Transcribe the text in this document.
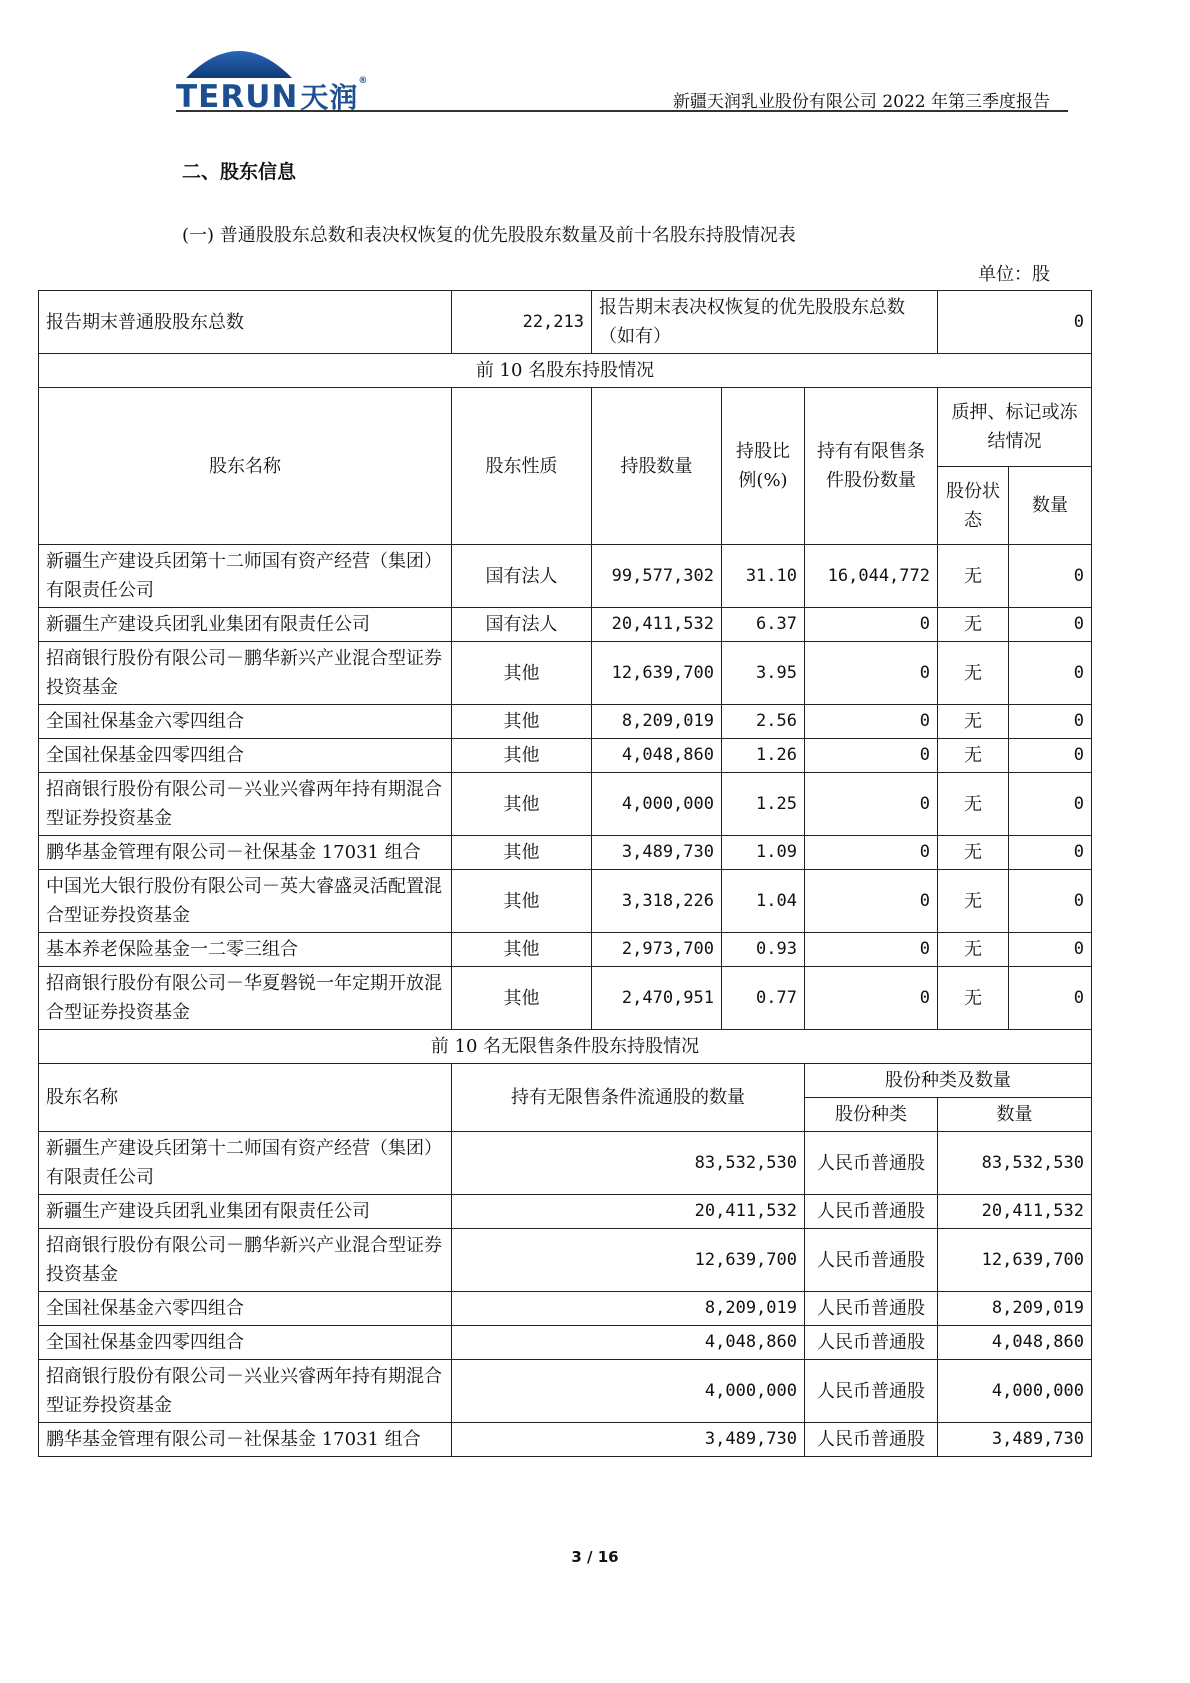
TERUN天润®
新疆天润乳业股份有限公司 2022 年第三季度报告
二、股东信息
(一) 普通股股东总数和表决权恢复的优先股股东数量及前十名股东持股情况表
单位：股
报告期末普通股股东总数	22,213	报告期末表决权恢复的优先股股东总数（如有）			0	
前 10 名股东持股情况						
股东名称	股东性质	持股数量	持股比例(%)	持有有限售条件股份数量	质押、标记或冻结情况	
					股份状态	数量
新疆生产建设兵团第十二师国有资产经营（集团）有限责任公司	国有法人	99,577,302	31.10	16,044,772	无	0
新疆生产建设兵团乳业集团有限责任公司	国有法人	20,411,532	6.37	0	无	0
招商银行股份有限公司－鹏华新兴产业混合型证券投资基金	其他	12,639,700	3.95	0	无	0
全国社保基金六零四组合	其他	8,209,019	2.56	0	无	0
全国社保基金四零四组合	其他	4,048,860	1.26	0	无	0
招商银行股份有限公司－兴业兴睿两年持有期混合型证券投资基金	其他	4,000,000	1.25	0	无	0
鹏华基金管理有限公司－社保基金 17031 组合	其他	3,489,730	1.09	0	无	0
中国光大银行股份有限公司－英大睿盛灵活配置混合型证券投资基金	其他	3,318,226	1.04	0	无	0
基本养老保险基金一二零三组合	其他	2,973,700	0.93	0	无	0
招商银行股份有限公司－华夏磐锐一年定期开放混合型证券投资基金	其他	2,470,951	0.77	0	无	0
前 10 名无限售条件股东持股情况						
股东名称	持有无限售条件流通股的数量			股份种类及数量		
				股份种类	数量	
新疆生产建设兵团第十二师国有资产经营（集团）有限责任公司	83,532,530			人民币普通股	83,532,530	
新疆生产建设兵团乳业集团有限责任公司	20,411,532			人民币普通股	20,411,532	
招商银行股份有限公司－鹏华新兴产业混合型证券投资基金	12,639,700			人民币普通股	12,639,700	
全国社保基金六零四组合	8,209,019			人民币普通股	8,209,019	
全国社保基金四零四组合	4,048,860			人民币普通股	4,048,860	
招商银行股份有限公司－兴业兴睿两年持有期混合型证券投资基金	4,000,000			人民币普通股	4,000,000	
鹏华基金管理有限公司－社保基金 17031 组合	3,489,730			人民币普通股	3,489,730	
3 / 16
